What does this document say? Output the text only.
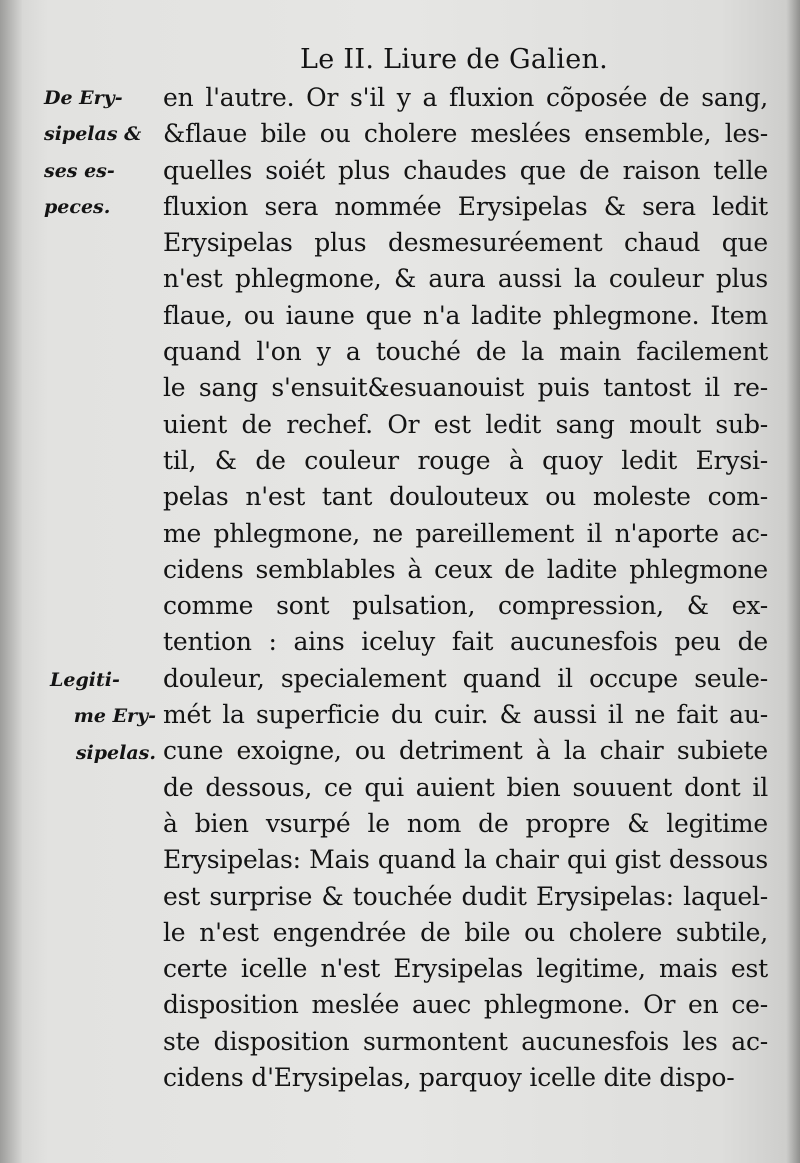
Le II. Liure de Galien.
De Ery-
sipelas &
ses es-
peces.
Legiti-
me Ery-
sipelas.
en l'autre. Or s'il y a fluxion cõposée de sang,
&flaue bile ou cholere meslées ensemble, les-
quelles soiét plus chaudes que de raison telle
fluxion sera nommée Erysipelas & sera ledit
Erysipelas plus desmesuréement chaud que
n'est phlegmone, & aura aussi la couleur plus
flaue, ou iaune que n'a ladite phlegmone. Item
quand l'on y a touché de la main facilement
le sang s'ensuit&esuanouist puis tantost il re-
uient de rechef. Or est ledit sang moult sub-
til, & de couleur rouge à quoy ledit Erysi-
pelas n'est tant doulouteux ou moleste com-
me phlegmone, ne pareillement il n'aporte ac-
cidens semblables à ceux de ladite phlegmone
comme sont pulsation, compression, & ex-
tention : ains iceluy fait aucunesfois peu de
douleur, specialement quand il occupe seule-
mét la superficie du cuir. & aussi il ne fait au-
cune exoigne, ou detriment à la chair subiete
de dessous, ce qui auient bien souuent dont il
à bien vsurpé le nom de propre & legitime
Erysipelas: Mais quand la chair qui gist dessous
est surprise & touchée dudit Erysipelas: laquel-
le n'est engendrée de bile ou cholere subtile,
certe icelle n'est Erysipelas legitime, mais est
disposition meslée auec phlegmone. Or en ce-
ste disposition surmontent aucunesfois les ac-
cidens d'Erysipelas, parquoy icelle dite dispo-
